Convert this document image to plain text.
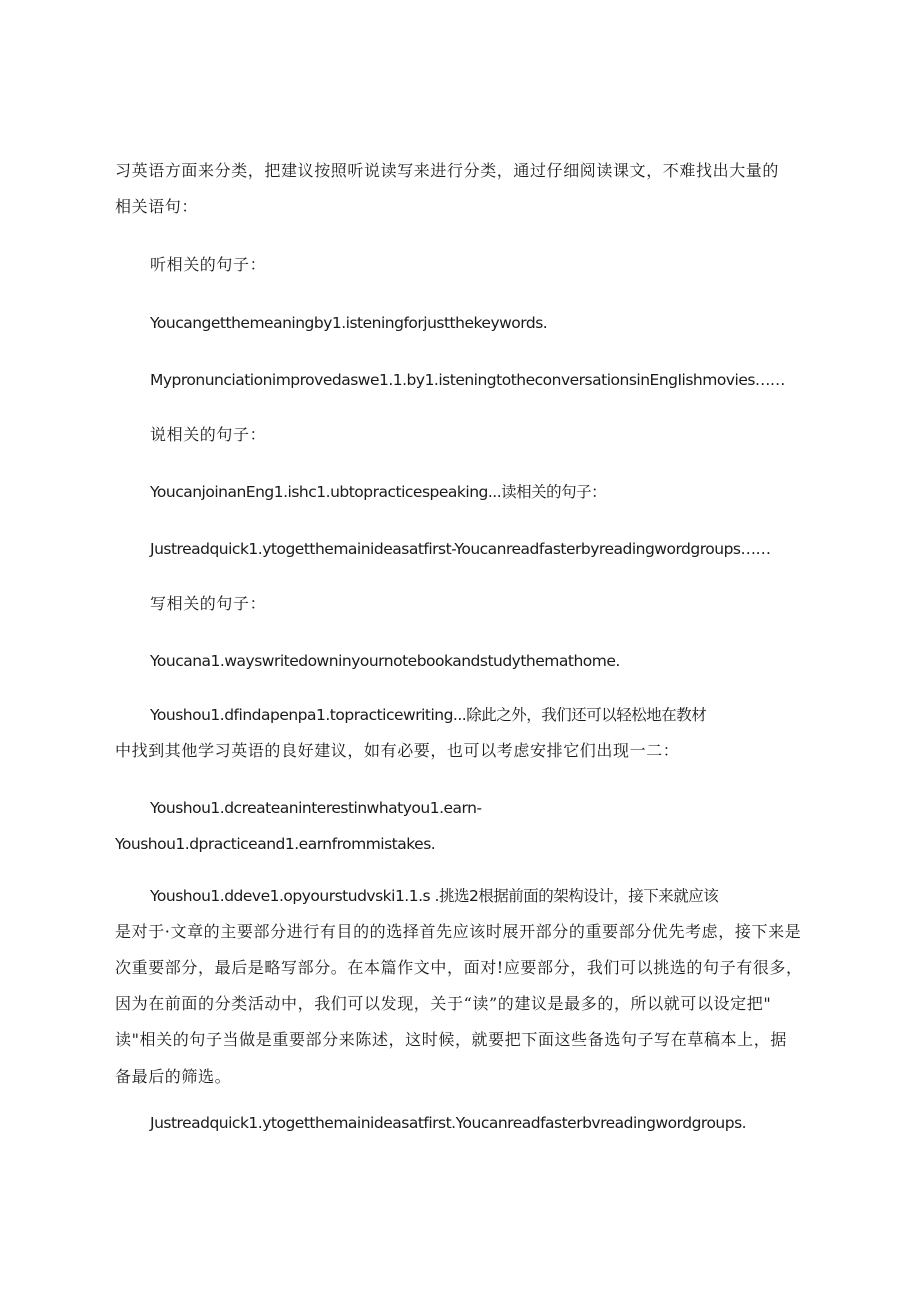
习英语方面来分类，把建议按照听说读写来进行分类，通过仔细阅读课文，不难找出大量的
相关语句：
听相关的句子：
Youcangetthemeaningby1.isteningforjustthekeywords.
Mypronunciationimprovedaswe1.1.by1.isteningtotheconversationsinEngIishmovies……
说相关的句子：
YoucanjoinanEng1.ishc1.ubtopracticespeaking...读相关的句子：
Justreadquick1.ytogetthemainideasatfirst-Youcanreadfasterbyreadingwordgroups……
写相关的句子：
Youcana1.wayswritedowninyournotebookandstudythemathome.
Youshou1.dfindapenpa1.topracticewriting...除此之外，我们还可以轻松地在教材
中找到其他学习英语的良好建议，如有必要，也可以考虑安排它们出现一二：
Youshou1.dcreateaninterestinwhatyou1.earn-
Youshou1.dpracticeand1.earnfrommistakes.
Youshou1.ddeve1.opyourstudvski1.1.s .挑选2根据前面的架构设计，接下来就应该
是对于·文章的主要部分进行有目的的选择首先应该时展开部分的重要部分优先考虑，接下来是
次重要部分，最后是略写部分。在本篇作文中，面对!应要部分，我们可以挑选的句子有很多，
因为在前面的分类活动中，我们可以发现，关于“读”的建议是最多的，所以就可以设定把"
读"相关的句子当做是重要部分来陈述，这时候，就要把下面这些备选句子写在草稿本上，据
备最后的筛选。
Justreadquick1.ytogetthemainideasatfirst.Youcanreadfasterbvreadingwordgroups.
